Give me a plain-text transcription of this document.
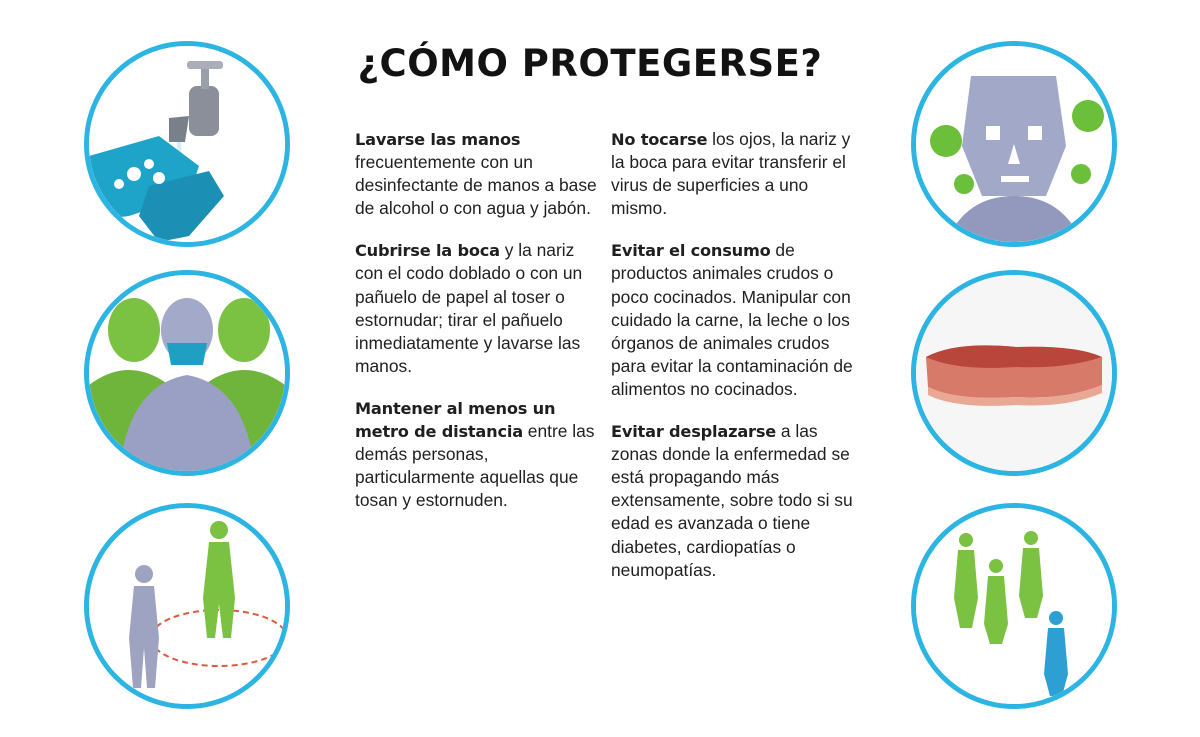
¿CÓMO PROTEGERSE?

Lavarse las manos frecuentemente con un desinfectante de manos a base de alcohol o con agua y jabón.

Cubrirse la boca y la nariz con el codo doblado o con un pañuelo de papel al toser o estornudar; tirar el pañuelo inmediatamente y lavarse las manos.

Mantener al menos un metro de distancia entre las demás personas, particularmente aquellas que tosan y estornuden.

No tocarse los ojos, la nariz y la boca para evitar transferir el virus de superficies a uno mismo.

Evitar el consumo de productos animales crudos o poco cocinados. Manipular con cuidado la carne, la leche o los órganos de animales crudos para evitar la contaminación de alimentos no cocinados.

Evitar desplazarse a las zonas donde la enfermedad se está propagando más extensamente, sobre todo si su edad es avanzada o tiene diabetes, cardiopatías o neumopatías.
